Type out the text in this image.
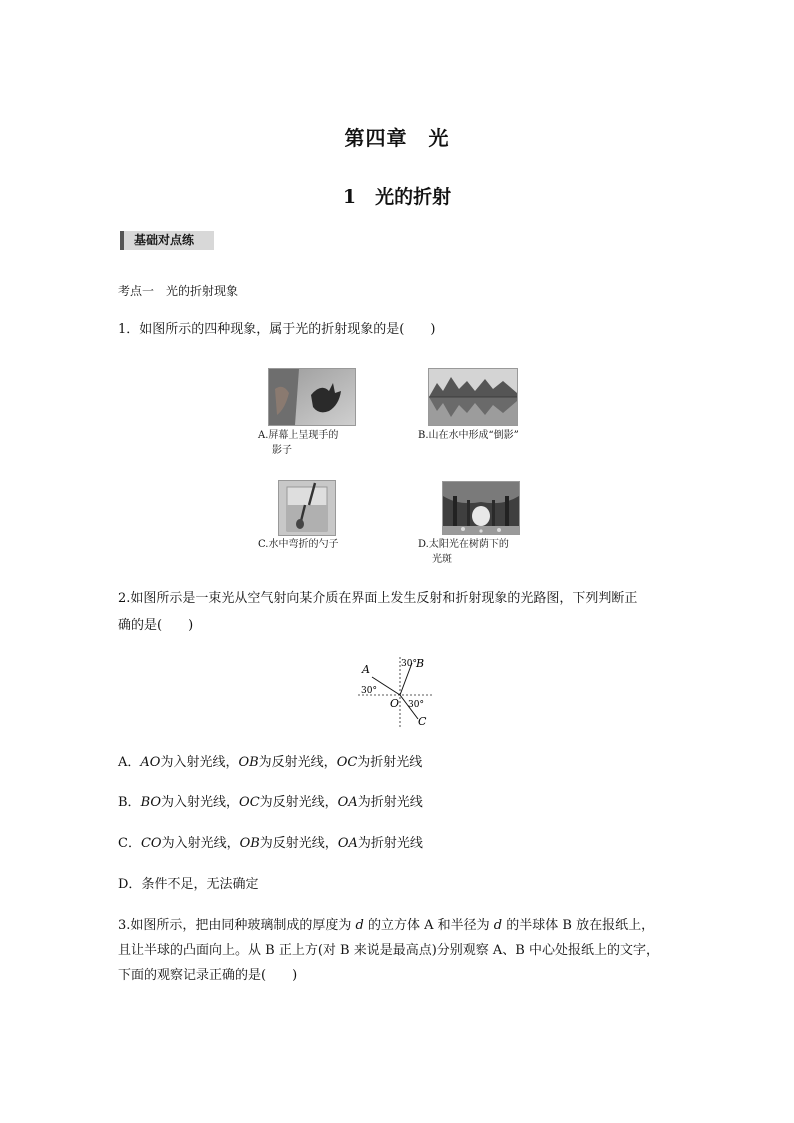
第四章　光
1　光的折射
基础对点练
考点一　光的折射现象
1．如图所示的四种现象，属于光的折射现象的是(　　)
A.屏幕上呈现手的
影子
B.山在水中形成“倒影”
C.水中弯折的勺子	D.太阳光在树荫下的
光斑
2.如图所示是一束光从空气射向某介质在界面上发生反射和折射现象的光路图，下列判断正
确的是(　　)
A	B
C
O
30°
30°
30°
A．AO为入射光线，OB为反射光线，OC为折射光线
B．BO为入射光线，OC为反射光线，OA为折射光线
C．CO为入射光线，OB为反射光线，OA为折射光线
D．条件不足，无法确定
3.如图所示，把由同种玻璃制成的厚度为 d 的立方体 A 和半径为 d 的半球体 B 放在报纸上，
且让半球的凸面向上。从 B 正上方(对 B 来说是最高点)分别观察 A、B 中心处报纸上的文字，
下面的观察记录正确的是(　　)
